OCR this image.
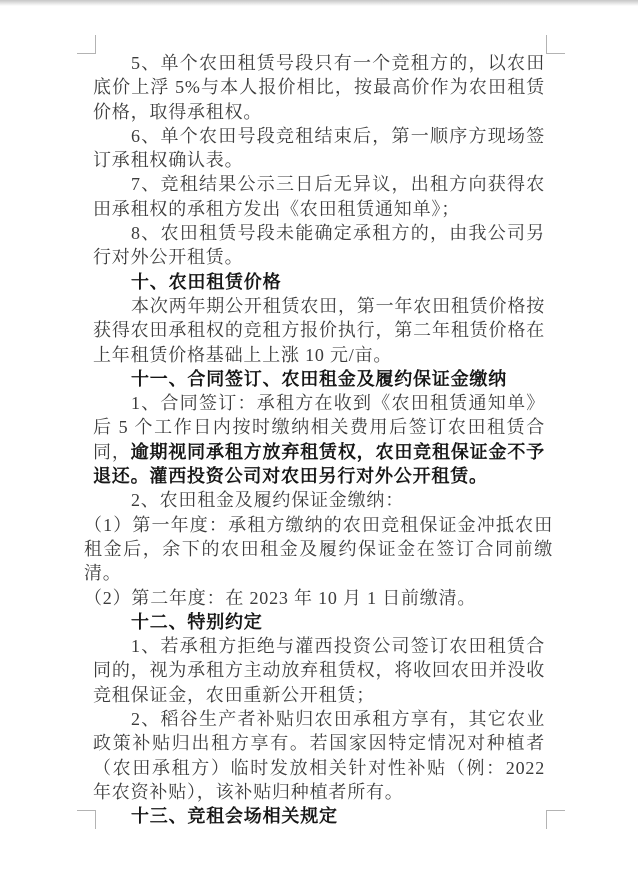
5、单个农田租赁号段只有一个竞租方的，以农田底价上浮 5%与本人报价相比，按最高价作为农田租赁价格，取得承租权。

6、单个农田号段竞租结束后，第一顺序方现场签订承租权确认表。

7、竞租结果公示三日后无异议，出租方向获得农田承租权的承租方发出《农田租赁通知单》；

8、农田租赁号段未能确定承租方的，由我公司另行对外公开租赁。

十、农田租赁价格

本次两年期公开租赁农田，第一年农田租赁价格按获得农田承租权的竞租方报价执行，第二年租赁价格在上年租赁价格基础上上涨 10 元/亩。

十一、合同签订、农田租金及履约保证金缴纳

1、合同签订：承租方在收到《农田租赁通知单》后 5 个工作日内按时缴纳相关费用后签订农田租赁合同，逾期视同承租方放弃租赁权，农田竞租保证金不予退还。灌西投资公司对农田另行对外公开租赁。

2、农田租金及履约保证金缴纳：

（1）第一年度：承租方缴纳的农田竞租保证金冲抵农田租金后，余下的农田租金及履约保证金在签订合同前缴清。

（2）第二年度：在 2023 年 10 月 1 日前缴清。

十二、特别约定

1、若承租方拒绝与灌西投资公司签订农田租赁合同的，视为承租方主动放弃租赁权，将收回农田并没收竞租保证金，农田重新公开租赁；

2、稻谷生产者补贴归农田承租方享有，其它农业政策补贴归出租方享有。若国家因特定情况对种植者（农田承租方）临时发放相关针对性补贴（例：2022 年农资补贴），该补贴归种植者所有。

十三、竞租会场相关规定
